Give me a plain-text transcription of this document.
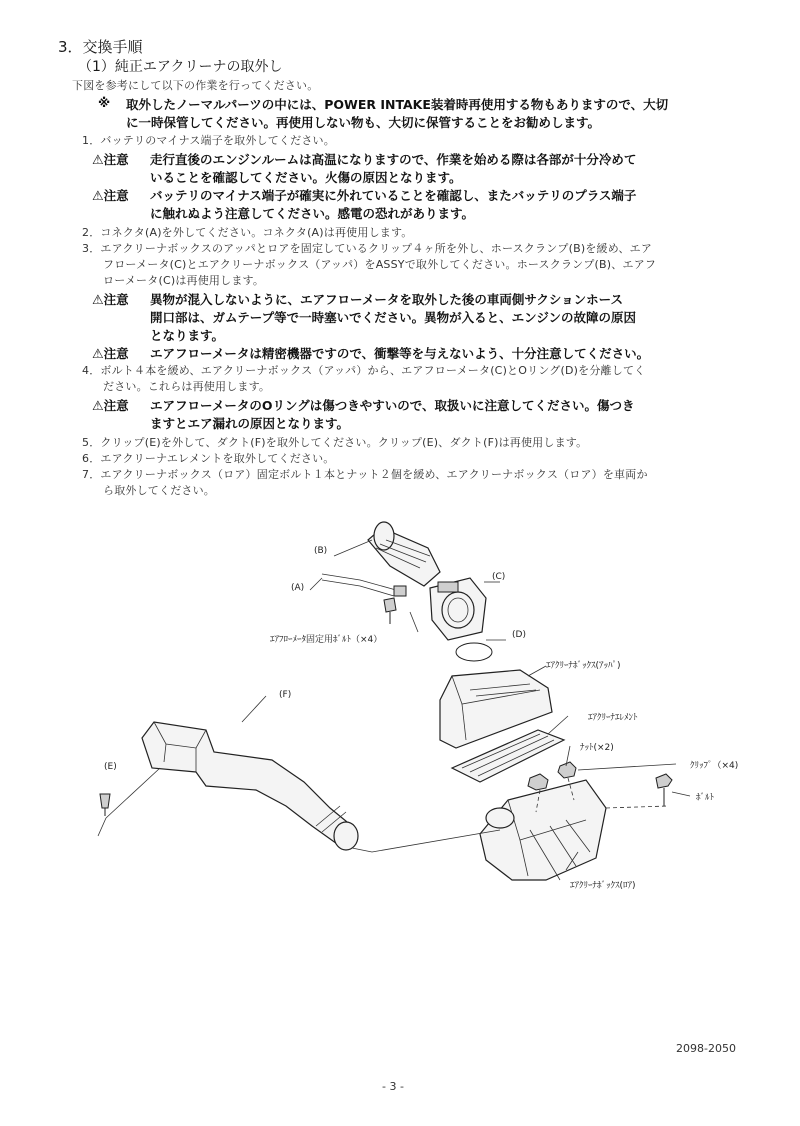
3．交換手順
（1）純正エアクリーナの取外し
下図を参考にして以下の作業を行ってください。
※ 取外したノーマルパーツの中には、POWER INTAKE装着時再使用する物もありますので、大切
に一時保管してください。再使用しない物も、大切に保管することをお勧めします。
1．バッテリのマイナス端子を取外してください。
⚠注意 走行直後のエンジンルームは高温になりますので、作業を始める際は各部が十分冷めて
いることを確認してください。火傷の原因となります。
⚠注意 バッテリのマイナス端子が確実に外れていることを確認し、またバッテリのプラス端子
に触れぬよう注意してください。感電の恐れがあります。
2．コネクタ(A)を外してください。コネクタ(A)は再使用します。
3．エアクリーナボックスのアッパとロアを固定しているクリップ４ヶ所を外し、ホースクランプ(B)を緩め、エア
フローメータ(C)とエアクリーナボックス（アッパ）をASSYで取外してください。ホースクランプ(B)、エアフ
ローメータ(C)は再使用します。
⚠注意 異物が混入しないように、エアフローメータを取外した後の車両側サクションホース
開口部は、ガムテープ等で一時塞いでください。異物が入ると、エンジンの故障の原因
となります。
⚠注意 エアフローメータは精密機器ですので、衝撃等を与えないよう、十分注意してください。
4．ボルト４本を緩め、エアクリーナボックス（アッパ）から、エアフローメータ(C)とOリング(D)を分離してく
ださい。これらは再使用します。
⚠注意 エアフローメータのOリングは傷つきやすいので、取扱いに注意してください。傷つき
ますとエア漏れの原因となります。
5．クリップ(E)を外して、ダクト(F)を取外してください。クリップ(E)、ダクト(F)は再使用します。
6．エアクリーナエレメントを取外してください。
7．エアクリーナボックス（ロア）固定ボルト１本とナット２個を緩め、エアクリーナボックス（ロア）を車両か
ら取外してください。
(B)
(A)
(C)
ｴｱﾌﾛｰﾒｰﾀ固定用ﾎﾞﾙﾄ（×4）	(D)
ｴｱｸﾘｰﾅﾎﾞｯｸｽ(ｱｯﾊﾟ)
(F)
ｴｱｸﾘｰﾅｴﾚﾒﾝﾄ
ﾅｯﾄ(×2)
ｸﾘｯﾌﾟ（×4)
(E)
ﾎﾞﾙﾄ
ｴｱｸﾘｰﾅﾎﾞｯｸｽ(ﾛｱ)
2098-2050
- 3 -
